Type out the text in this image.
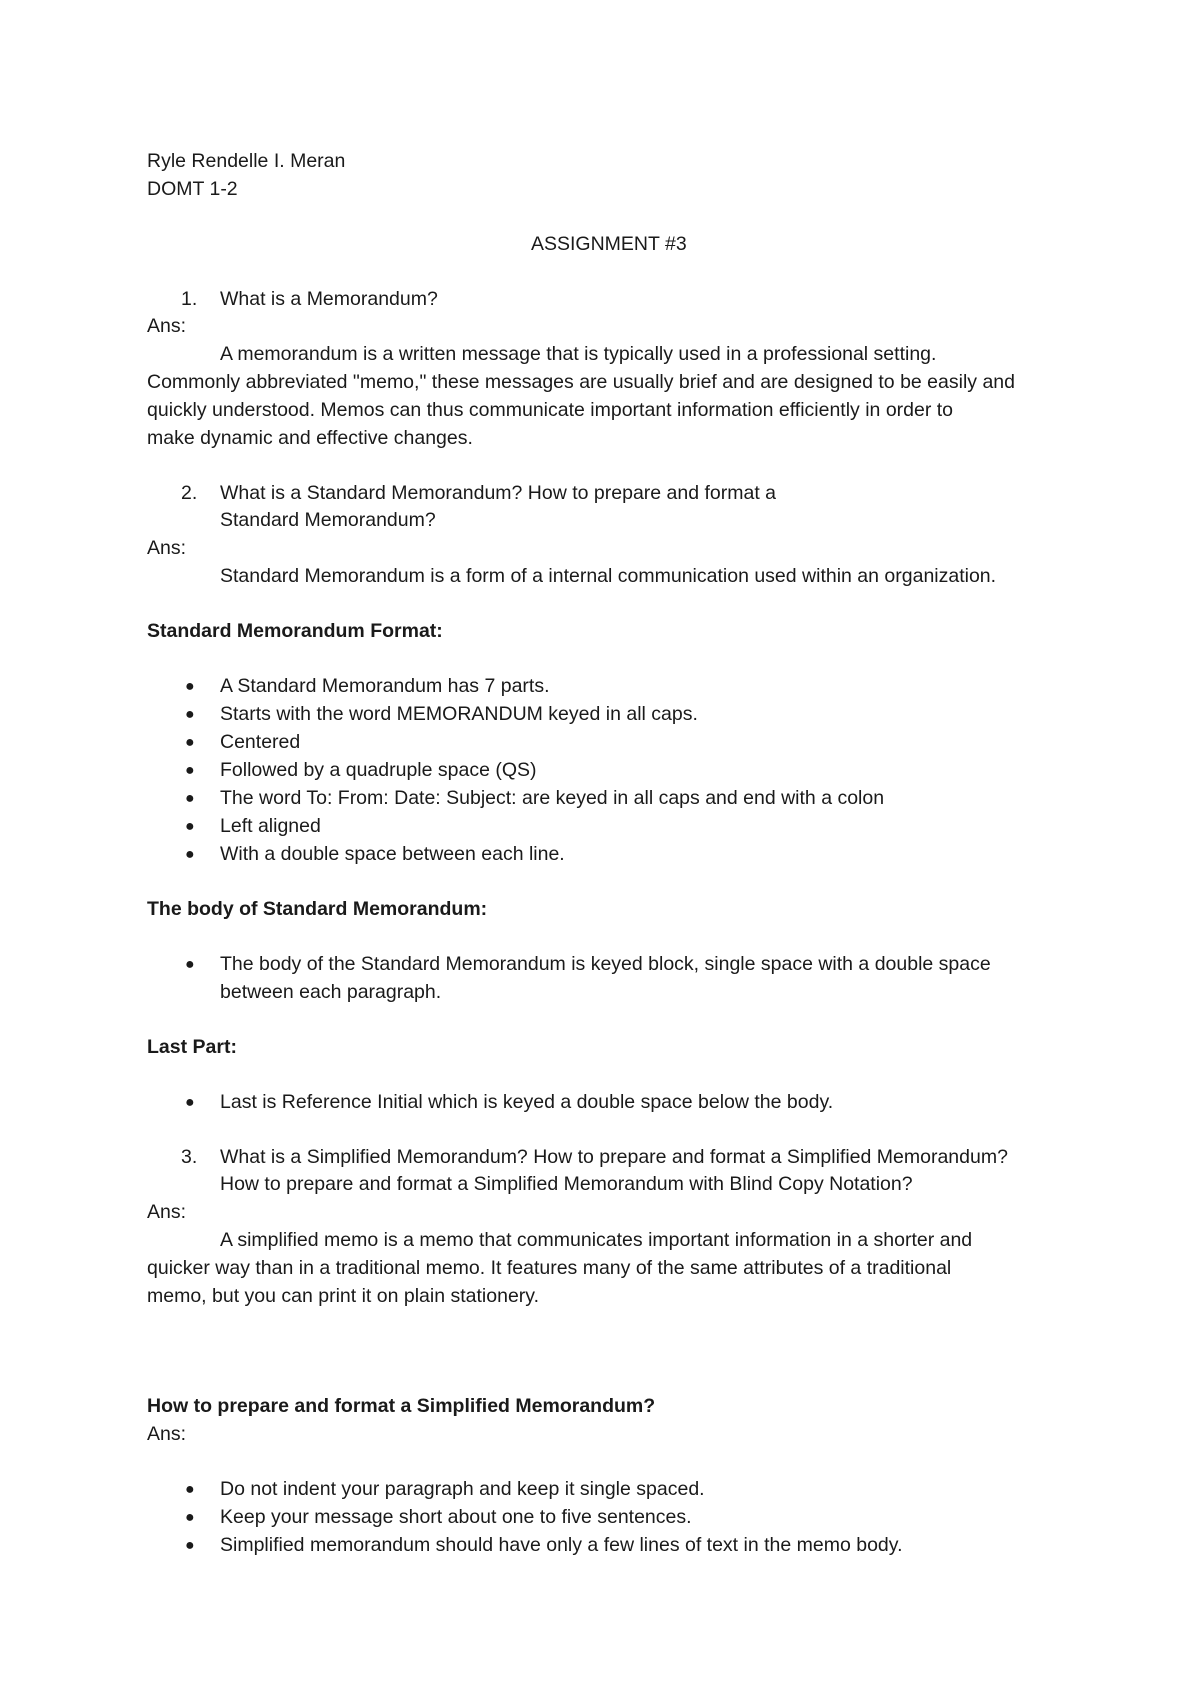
Ryle Rendelle I. Meran
DOMT 1-2
ASSIGNMENT #3
1. What is a Memorandum?
Ans:
A memorandum is a written message that is typically used in a professional setting.
Commonly abbreviated "memo," these messages are usually brief and are designed to be easily and
quickly understood. Memos can thus communicate important information efficiently in order to
make dynamic and effective changes.
2. What is a Standard Memorandum? How to prepare and format a
Standard Memorandum?
Ans:
Standard Memorandum is a form of a internal communication used within an organization.
Standard Memorandum Format:
● A Standard Memorandum has 7 parts.
● Starts with the word MEMORANDUM keyed in all caps.
● Centered
● Followed by a quadruple space (QS)
● The word To: From: Date: Subject: are keyed in all caps and end with a colon
● Left aligned
● With a double space between each line.
The body of Standard Memorandum:
● The body of the Standard Memorandum is keyed block, single space with a double space
between each paragraph.
Last Part:
● Last is Reference Initial which is keyed a double space below the body.
3. What is a Simplified Memorandum? How to prepare and format a Simplified Memorandum?
How to prepare and format a Simplified Memorandum with Blind Copy Notation?
Ans:
A simplified memo is a memo that communicates important information in a shorter and
quicker way than in a traditional memo. It features many of the same attributes of a traditional
memo, but you can print it on plain stationery.
How to prepare and format a Simplified Memorandum?
Ans:
● Do not indent your paragraph and keep it single spaced.
● Keep your message short about one to five sentences.
● Simplified memorandum should have only a few lines of text in the memo body.
